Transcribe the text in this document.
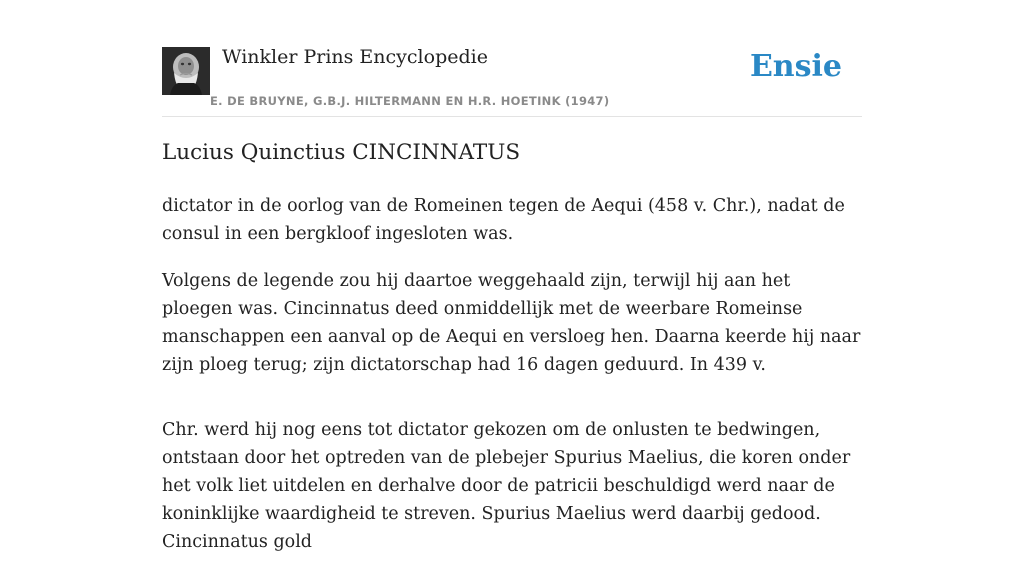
Winkler Prins Encyclopedie
E. DE BRUYNE, G.B.J. HILTERMANN EN H.R. HOETINK (1947)
Ensie
Lucius Quinctius CINCINNATUS

dictator in de oorlog van de Romeinen tegen de Aequi (458 v. Chr.), nadat de consul in een bergkloof ingesloten was.

Volgens de legende zou hij daartoe weggehaald zijn, terwijl hij aan het ploegen was. Cincinnatus deed onmiddellijk met de weerbare Romeinse manschappen een aanval op de Aequi en versloeg hen. Daarna keerde hij naar zijn ploeg terug; zijn dictatorschap had 16 dagen geduurd. In 439 v.

Chr. werd hij nog eens tot dictator gekozen om de onlusten te bedwingen, ontstaan door het optreden van de plebejer Spurius Maelius, die koren onder het volk liet uitdelen en derhalve door de patricii beschuldigd werd naar de koninklijke waardigheid te streven. Spurius Maelius werd daarbij gedood. Cincinnatus gold
